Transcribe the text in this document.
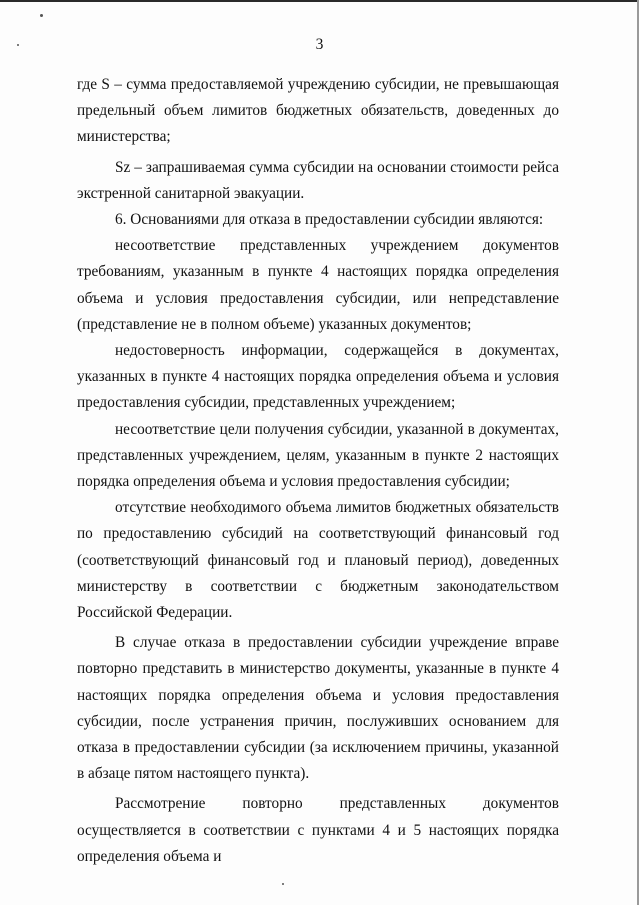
3

где S – сумма предоставляемой учреждению субсидии, не превышающая предельный объем лимитов бюджетных обязательств, доведенных до министерства;

Sz – запрашиваемая сумма субсидии на основании стоимости рейса экстренной санитарной эвакуации.

6. Основаниями для отказа в предоставлении субсидии являются:

несоответствие представленных учреждением документов требованиям, указанным в пункте 4 настоящих порядка определения объема и условия предоставления субсидии, или непредставление (представление не в полном объеме) указанных документов;

недостоверность информации, содержащейся в документах, указанных в пункте 4 настоящих порядка определения объема и условия предоставления субсидии, представленных учреждением;

несоответствие цели получения субсидии, указанной в документах, представленных учреждением, целям, указанным в пункте 2 настоящих порядка определения объема и условия предоставления субсидии;

отсутствие необходимого объема лимитов бюджетных обязательств по предоставлению субсидий на соответствующий финансовый год (соответствующий финансовый год и плановый период), доведенных министерству в соответствии с бюджетным законодательством Российской Федерации.

В случае отказа в предоставлении субсидии учреждение вправе повторно представить в министерство документы, указанные в пункте 4 настоящих порядка определения объема и условия предоставления субсидии, после устранения причин, послуживших основанием для отказа в предоставлении субсидии (за исключением причины, указанной в абзаце пятом настоящего пункта).

Рассмотрение повторно представленных документов осуществляется в соответствии с пунктами 4 и 5 настоящих порядка определения объема и
